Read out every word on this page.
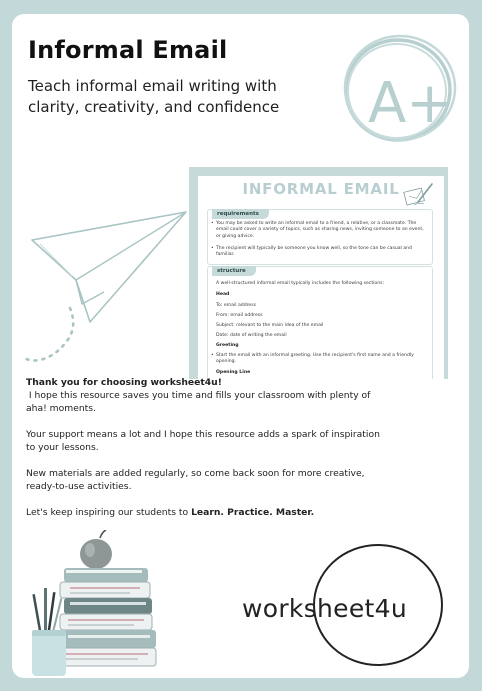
Informal Email

Teach informal email writing with clarity, creativity, and confidence	A+

INFORMAL EMAIL

requirements
• You may be asked to write an informal email to a friend, a relative, or a classmate. The email could cover a variety of topics, such as sharing news, inviting someone to an event, or giving advice.
• The recipient will typically be someone you know well, so the tone can be casual and familiar.
structure
A well-structured informal email typically includes the following sections:
Head
To: email address
From: email address
Subject: relevant to the main idea of the email
Date: date of writing the email
Greeting
• Start the email with an informal greeting. Use the recipient's first name and a friendly opening.
Opening Line

Thank you for choosing worksheet4u!

I hope this resource saves you time and fills your classroom with plenty of aha! moments.

Your support means a lot and I hope this resource adds a spark of inspiration to your lessons.

New materials are added regularly, so come back soon for more creative, ready-to-use activities.

Let's keep inspiring our students to Learn. Practice. Master.

worksheet4u
